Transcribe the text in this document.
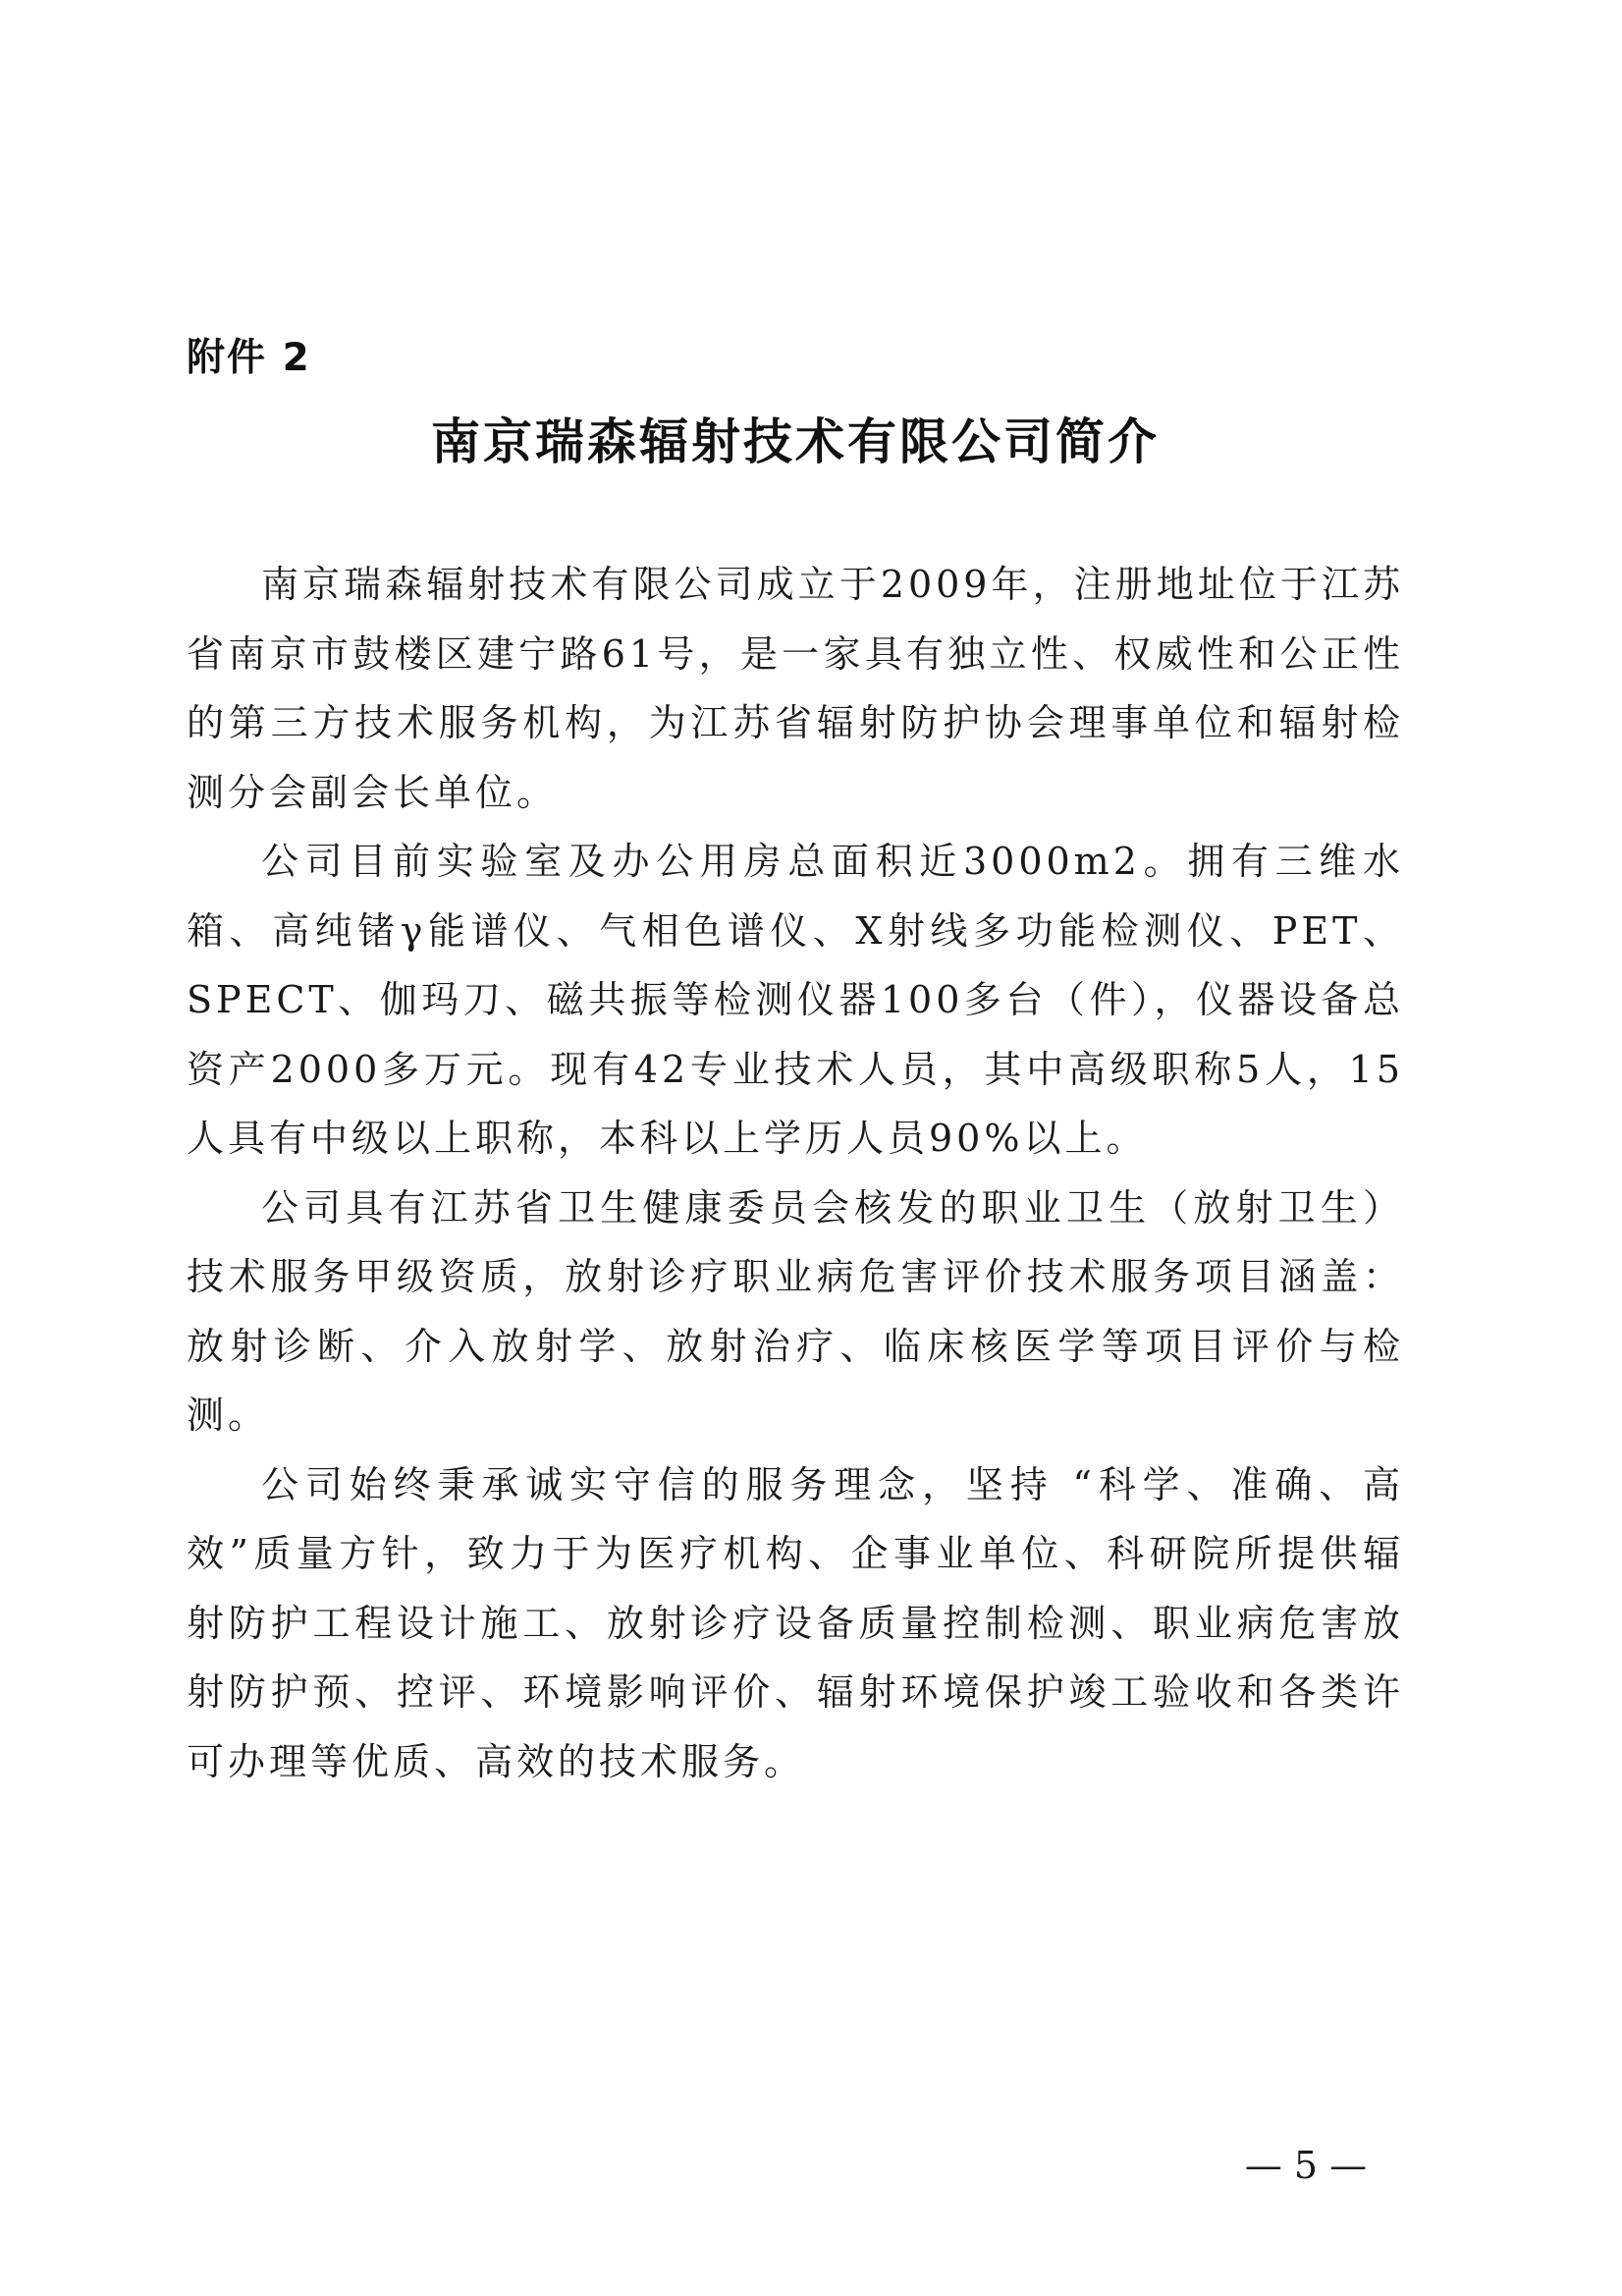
附件 2
南京瑞森辐射技术有限公司简介

南京瑞森辐射技术有限公司成立于2009年，注册地址位于江苏省南京市鼓楼区建宁路61号，是一家具有独立性、权威性和公正性的第三方技术服务机构，为江苏省辐射防护协会理事单位和辐射检测分会副会长单位。

公司目前实验室及办公用房总面积近3000m2。拥有三维水箱、高纯锗γ能谱仪、气相色谱仪、X射线多功能检测仪、PET、SPECT、伽玛刀、磁共振等检测仪器100多台（件），仪器设备总资产2000多万元。现有42专业技术人员，其中高级职称5人，15人具有中级以上职称，本科以上学历人员90%以上。

公司具有江苏省卫生健康委员会核发的职业卫生（放射卫生）技术服务甲级资质，放射诊疗职业病危害评价技术服务项目涵盖：放射诊断、介入放射学、放射治疗、临床核医学等项目评价与检测。

公司始终秉承诚实守信的服务理念，坚持 “科学、准确、高效”质量方针，致力于为医疗机构、企事业单位、科研院所提供辐射防护工程设计施工、放射诊疗设备质量控制检测、职业病危害放射防护预、控评、环境影响评价、辐射环境保护竣工验收和各类许可办理等优质、高效的技术服务。

— 5 —
